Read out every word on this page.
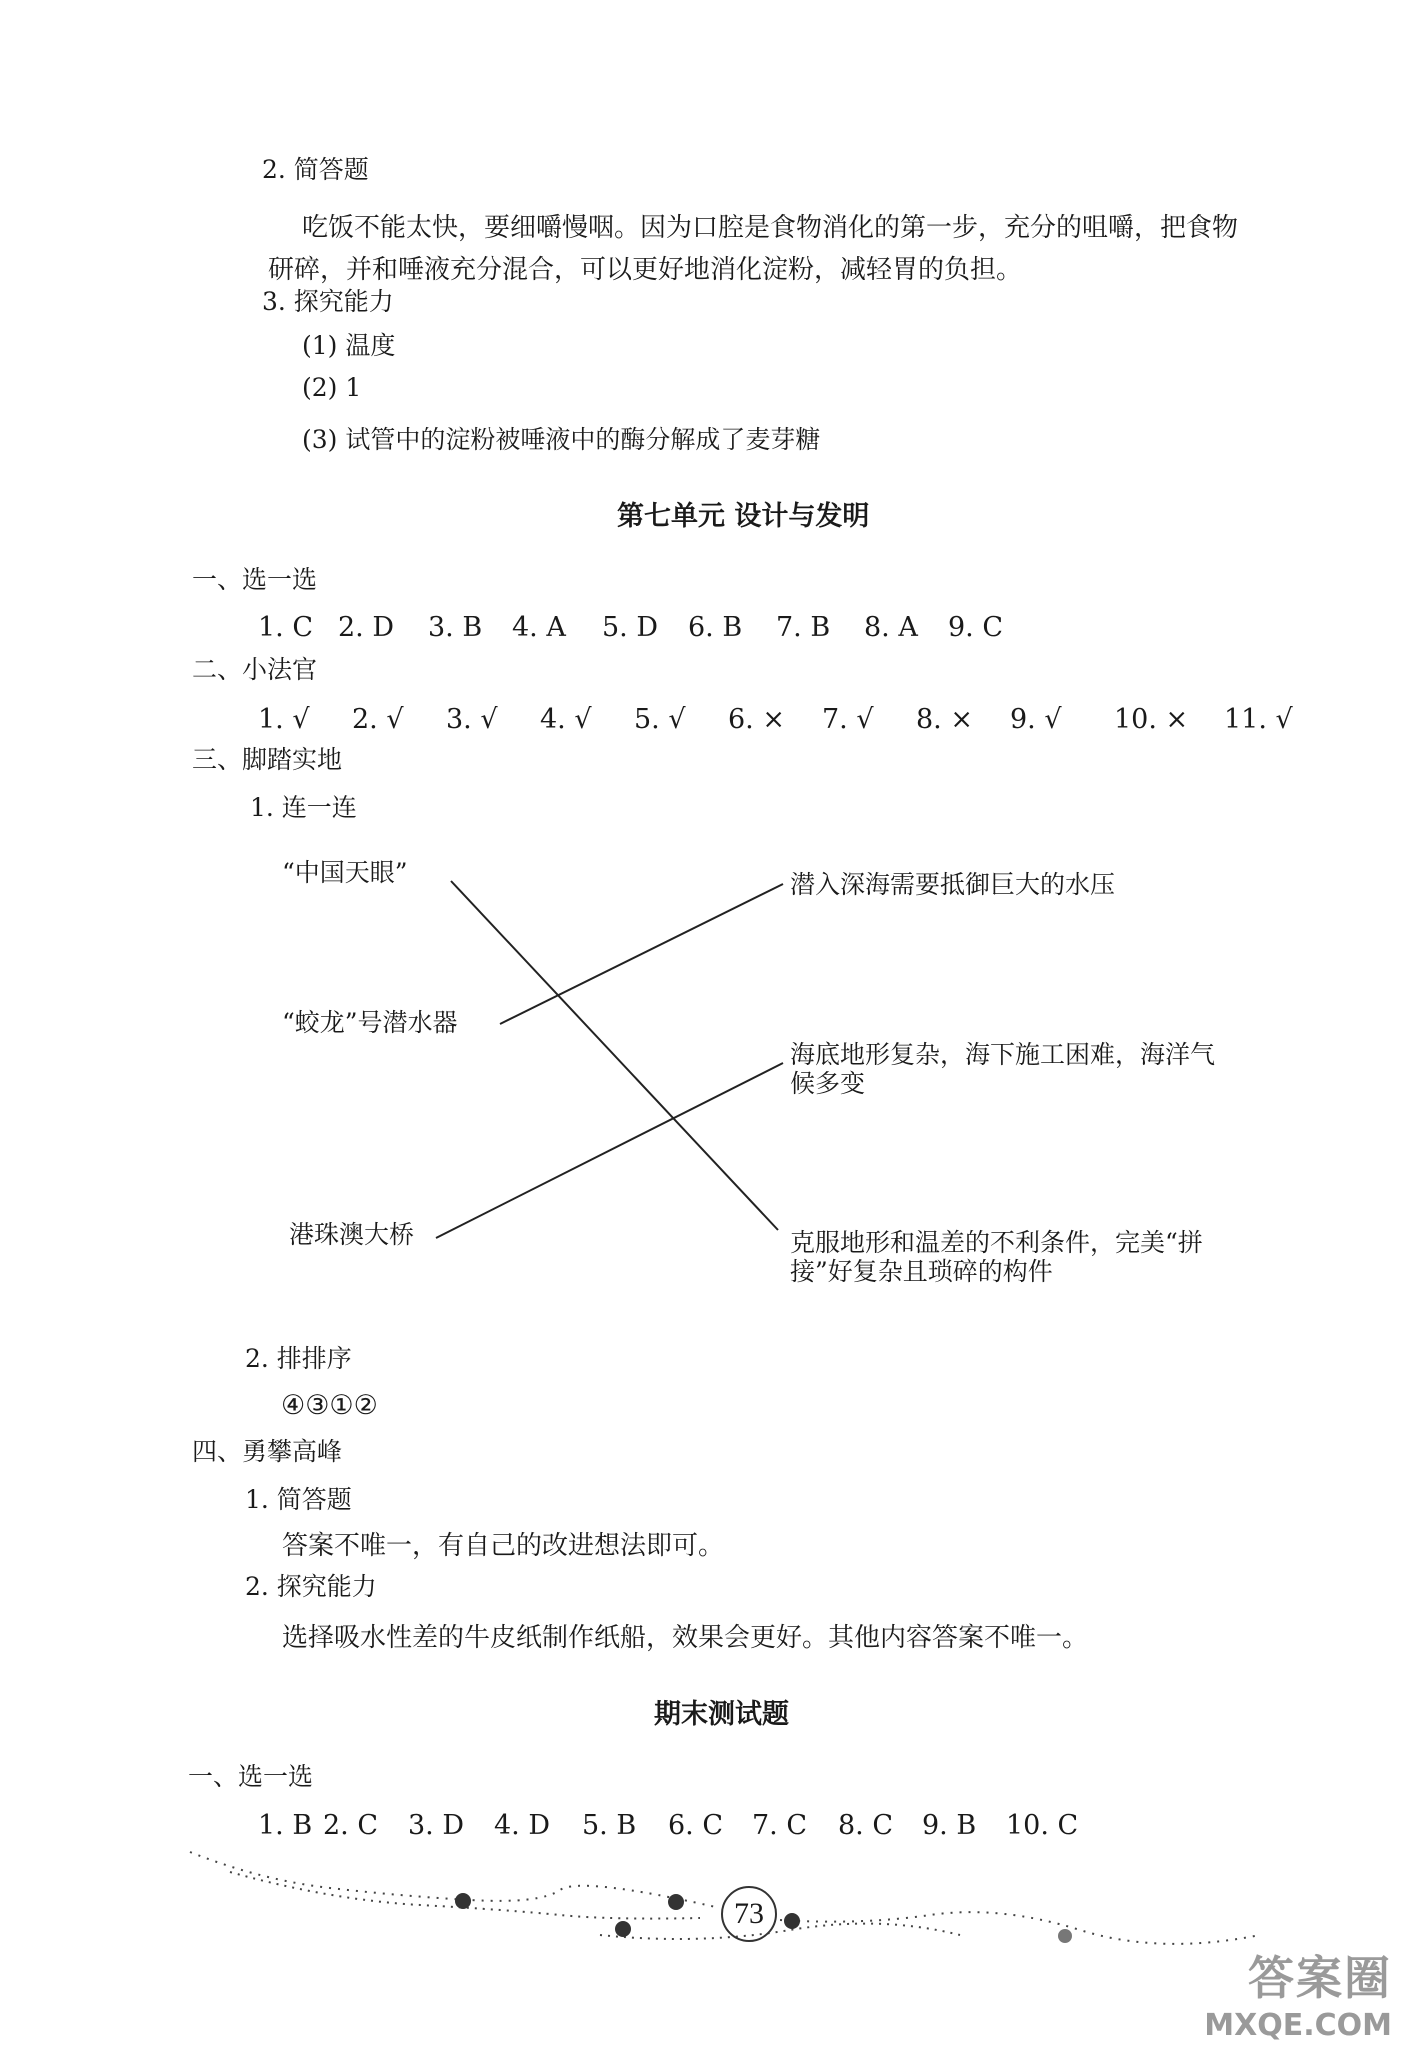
2. 简答题
吃饭不能太快，要细嚼慢咽。因为口腔是食物消化的第一步，充分的咀嚼，把食物
研碎，并和唾液充分混合，可以更好地消化淀粉，减轻胃的负担。
3. 探究能力
(1) 温度
(2) 1
(3) 试管中的淀粉被唾液中的酶分解成了麦芽糖
第七单元 设计与发明
一、选一选
1. C 2. D 3. B 4. A 5. D 6. B 7. B 8. A 9. C
二、小法官
1. √ 2. √ 3. √ 4. √ 5. √ 6. × 7. √ 8. × 9. √ 10. × 11. √
三、脚踏实地
1. 连一连
“中国天眼”
“蛟龙”号潜水器
港珠澳大桥
潜入深海需要抵御巨大的水压
海底地形复杂，海下施工困难，海洋气
候多变
克服地形和温差的不利条件，完美“拼
接”好复杂且琐碎的构件
2. 排排序
④③①②
四、勇攀高峰
1. 简答题
答案不唯一，有自己的改进想法即可。
2. 探究能力
选择吸水性差的牛皮纸制作纸船，效果会更好。其他内容答案不唯一。
期末测试题
一、选一选
1. B 2. C 3. D 4. D 5. B 6. C 7. C 8. C 9. B 10. C
73
答案圈
MXQE.COM
